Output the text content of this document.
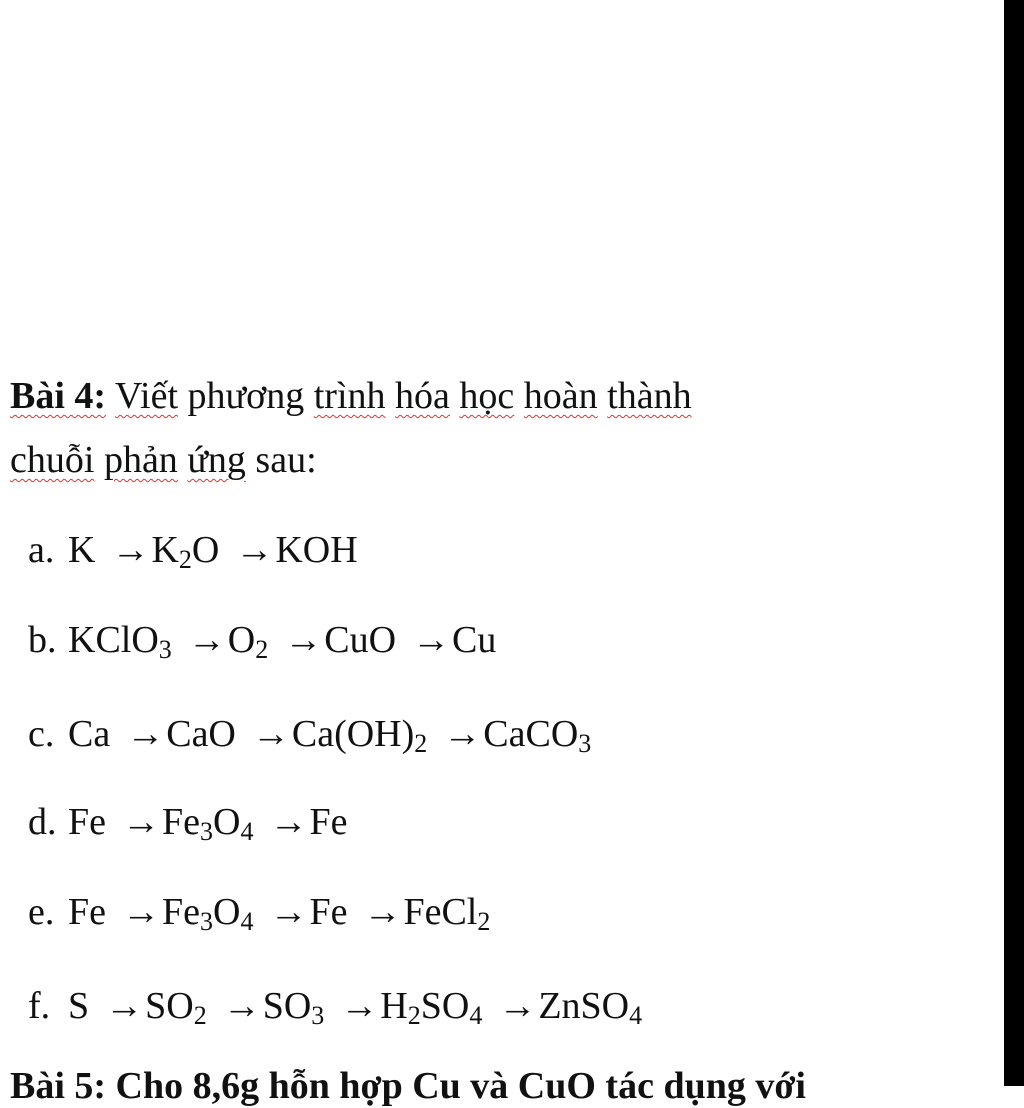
Bài 4: Viết phương trình hóa học hoàn thành
chuỗi phản ứng sau:
a. $K \to K_2O \to KOH$
b. KClO$_3$ $\to O_2 \to CuO \to Cu$
c. $Ca \to CaO \to Ca(OH)_2$ →CaCO$_3$
d. $Fe \to Fe_3O_4 \to Fe$
e. $Fe \to Fe_3O_4 \to Fe$ →FeCl$_2$
f. $S \to SO_2 \to SO_3 \to H_2SO_4$ →ZnSO$_4$
Bài 5: Cho 8,6g hỗn hợp Cu và CuO tác dụng với
